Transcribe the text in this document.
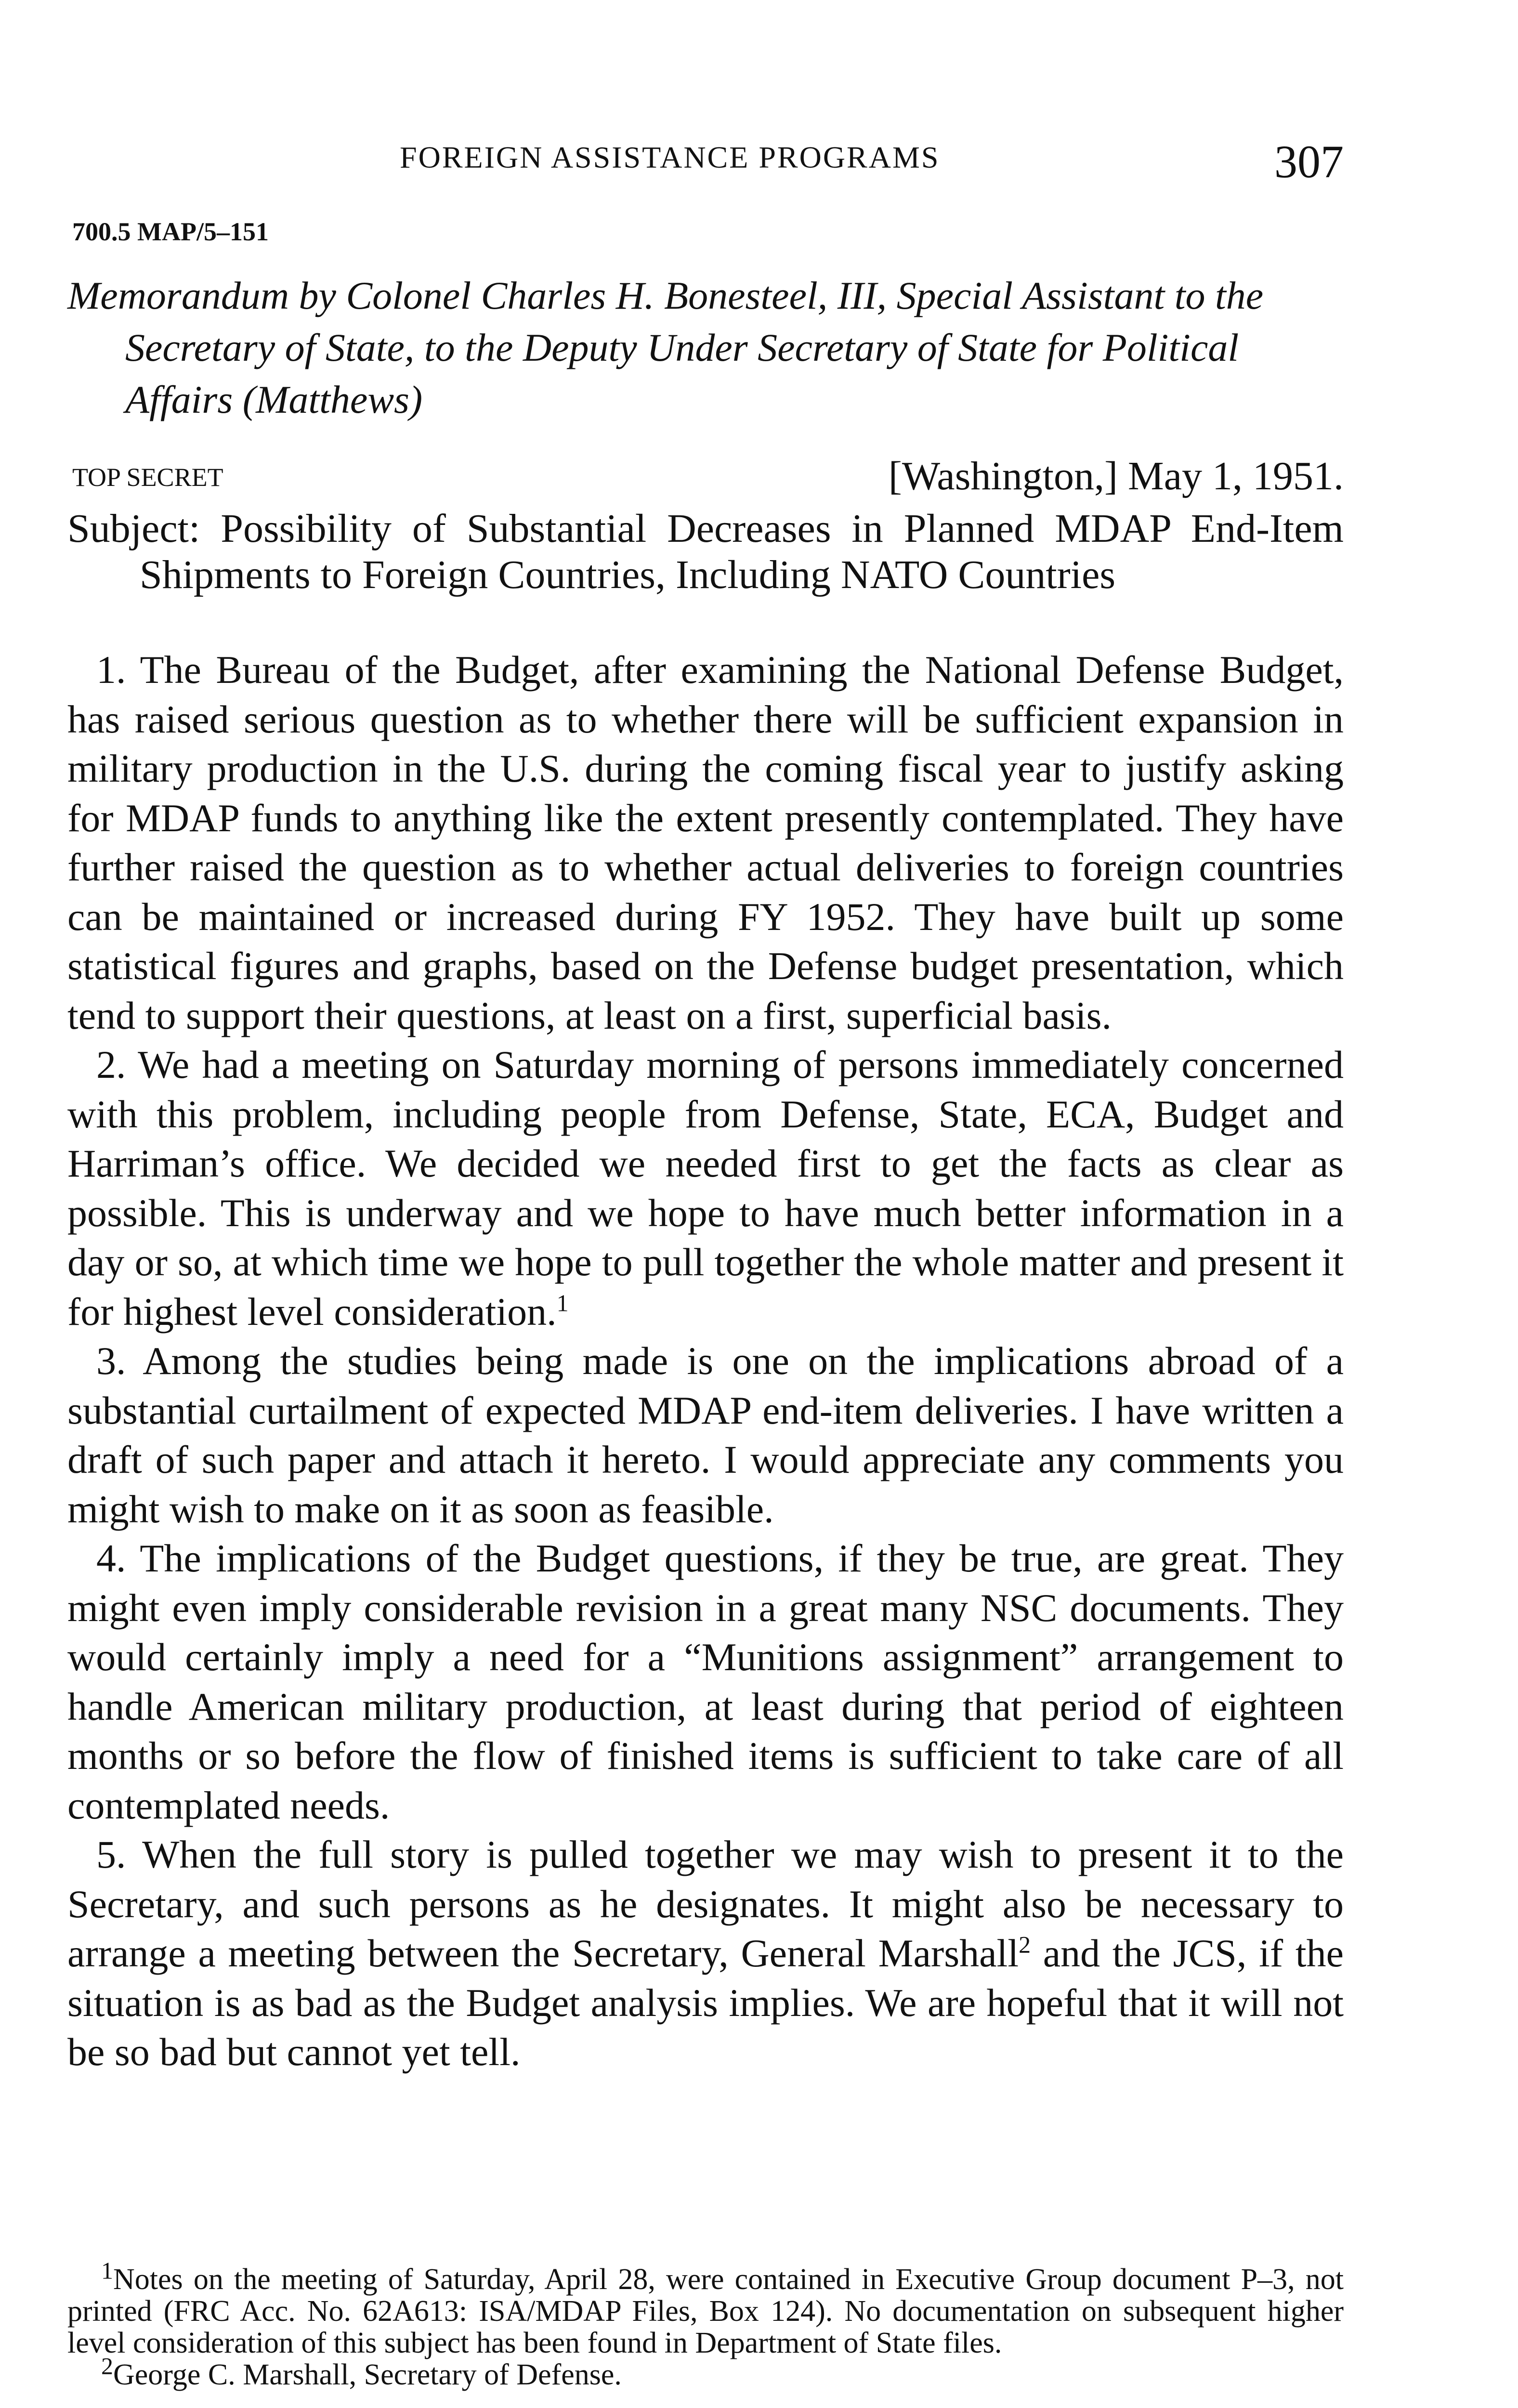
FOREIGN ASSISTANCE PROGRAMS	307
700.5 MAP/5–151
Memorandum by Colonel Charles H. Bonesteel, III, Special Assistant to the Secretary of State, to the Deputy Under Secretary of State for Political Affairs (Matthews)
TOP SECRET	[Washington,] May 1, 1951.
Subject: Possibility of Substantial Decreases in Planned MDAP End-Item Shipments to Foreign Countries, Including NATO Countries

1. The Bureau of the Budget, after examining the National Defense Budget, has raised serious question as to whether there will be sufficient expansion in military production in the U.S. during the coming fiscal year to justify asking for MDAP funds to anything like the extent presently contemplated. They have further raised the question as to whether actual deliveries to foreign countries can be maintained or increased during FY 1952. They have built up some statistical figures and graphs, based on the Defense budget presentation, which tend to support their questions, at least on a first, superficial basis.

2. We had a meeting on Saturday morning of persons immediately concerned with this problem, including people from Defense, State, ECA, Budget and Harriman’s office. We decided we needed first to get the facts as clear as possible. This is underway and we hope to have much better information in a day or so, at which time we hope to pull together the whole matter and present it for highest level consideration.$^1$

3. Among the studies being made is one on the implications abroad of a substantial curtailment of expected MDAP end-item deliveries. I have written a draft of such paper and attach it hereto. I would appreciate any comments you might wish to make on it as soon as feasible.

4. The implications of the Budget questions, if they be true, are great. They might even imply considerable revision in a great many NSC documents. They would certainly imply a need for a “Munitions assignment” arrangement to handle American military production, at least during that period of eighteen months or so before the flow of finished items is sufficient to take care of all contemplated needs.

5. When the full story is pulled together we may wish to present it to the Secretary, and such persons as he designates. It might also be necessary to arrange a meeting between the Secretary, General Marshall$^2$ and the JCS, if the situation is as bad as the Budget analysis implies. We are hopeful that it will not be so bad but cannot yet tell.

$^1$Notes on the meeting of Saturday, April 28, were contained in Executive Group document P–3, not printed (FRC Acc. No. 62A613: ISA/MDAP Files, Box 124). No documentation on subsequent higher level consideration of this subject has been found in Department of State files.

$^2$George C. Marshall, Secretary of Defense.
